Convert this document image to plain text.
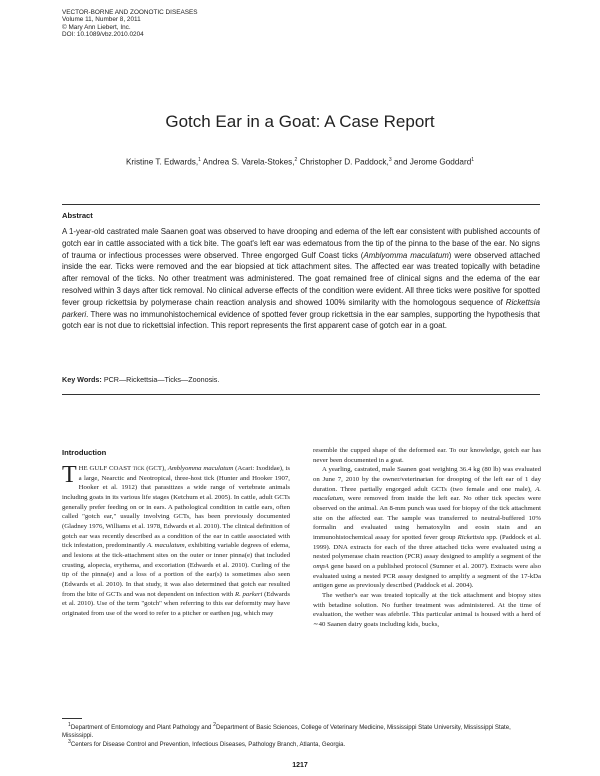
VECTOR-BORNE AND ZOONOTIC DISEASES
Volume 11, Number 8, 2011
© Mary Ann Liebert, Inc.
DOI: 10.1089/vbz.2010.0204
Gotch Ear in a Goat: A Case Report
Kristine T. Edwards,$^1$ Andrea S. Varela-Stokes,$^2$ Christopher D. Paddock,$^3$ and Jerome Goddard$^1$
Abstract
A 1-year-old castrated male Saanen goat was observed to have drooping and edema of the left ear consistent with published accounts of gotch ear in cattle associated with a tick bite. The goat's left ear was edematous from the tip of the pinna to the base of the ear. No signs of trauma or infectious processes were observed. Three engorged Gulf Coast ticks (Amblyomma maculatum) were observed attached inside the ear. Ticks were removed and the ear biopsied at tick attachment sites. The affected ear was treated topically with betadine after removal of the ticks. No other treatment was administered. The goat remained free of clinical signs and the edema of the ear resolved within 3 days after tick removal. No clinical adverse effects of the condition were evident. All three ticks were positive for spotted fever group rickettsia by polymerase chain reaction analysis and showed 100% similarity with the homologous sequence of Rickettsia parkeri. There was no immunohistochemical evidence of spotted fever group rickettsia in the ear samples, supporting the hypothesis that gotch ear is not due to rickettsial infection. This report represents the first apparent case of gotch ear in a goat.
Key Words: PCR—Rickettsia—Ticks—Zoonosis.
Introduction

THE GULF COAST tick (GCT), Amblyomma maculatum (Acari: Ixodidae), is a large, Nearctic and Neotropical, three-host tick (Hunter and Hooker 1907, Hooker et al. 1912) that parasitizes a wide range of vertebrate animals including goats in its various life stages (Ketchum et al. 2005). In cattle, adult GCTs generally prefer feeding on or in ears. A pathological condition in cattle ears, often called "gotch ear," usually involving GCTs, has been previously documented (Gladney 1976, Williams et al. 1978, Edwards et al. 2010). The clinical definition of gotch ear was recently described as a condition of the ear in cattle associated with tick infestation, predominantly A. maculatum, exhibiting variable degrees of edema, and lesions at the tick-attachment sites on the outer or inner pinna(e) that included crusting, alopecia, erythema, and excoriation (Edwards et al. 2010). Curling of the tip of the pinna(e) and a loss of a portion of the ear(s) is sometimes also seen (Edwards et al. 2010). In that study, it was also determined that gotch ear resulted from the bite of GCTs and was not dependent on infection with R. parkeri (Edwards et al. 2010). Use of the term "gotch" when referring to this ear deformity may have originated from use of the word to refer to a pitcher or earthen jug, which may

resemble the cupped shape of the deformed ear. To our knowledge, gotch ear has never been documented in a goat.

A yearling, castrated, male Saanen goat weighing 36.4 kg (80 lb) was evaluated on June 7, 2010 by the owner/veterinarian for drooping of the left ear of 1 day duration. Three partially engorged adult GCTs (two female and one male), A. maculatum, were removed from inside the left ear. No other tick species were observed on the animal. An 8-mm punch was used for biopsy of the tick attachment site on the affected ear. The sample was transferred to neutral-buffered 10% formalin and evaluated using hematoxylin and eosin stain and an immunohistochemical assay for spotted fever group Rickettsia spp. (Paddock et al. 1999). DNA extracts for each of the three attached ticks were evaluated using a nested polymerase chain reaction (PCR) assay designed to amplify a segment of the ompA gene based on a published protocol (Sumner et al. 2007). Extracts were also evaluated using a nested PCR assay designed to amplify a segment of the 17-kDa antigen gene as previously described (Paddock et al. 2004).

The wether's ear was treated topically at the tick attachment and biopsy sites with betadine solution. No further treatment was administered. At the time of evaluation, the wether was afebrile. This particular animal is housed with a herd of ∼40 Saanen dairy goats including kids, bucks,

$^1$Department of Entomology and Plant Pathology and $^2$Department of Basic Sciences, College of Veterinary Medicine, Mississippi State University, Mississippi State, Mississippi.

$^3$Centers for Disease Control and Prevention, Infectious Diseases, Pathology Branch, Atlanta, Georgia.

1217
